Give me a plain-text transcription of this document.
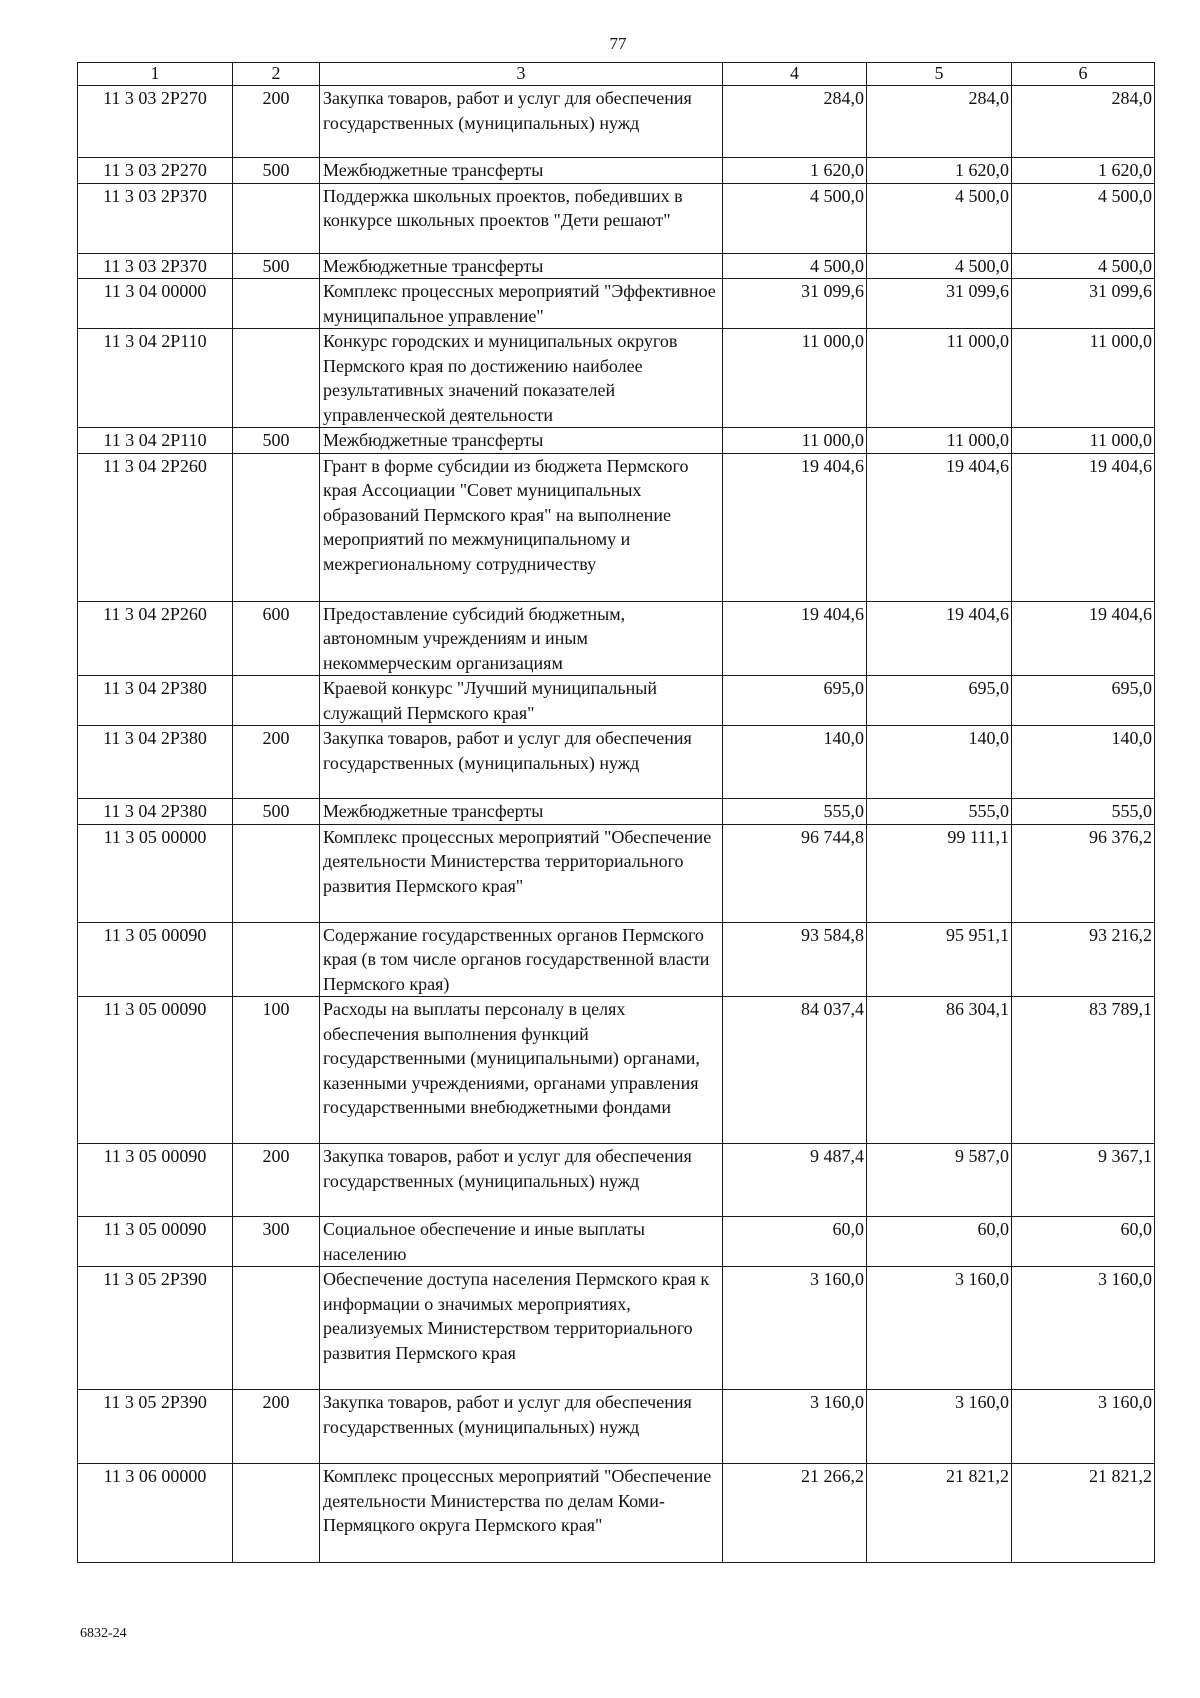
77
1	2	3	4	5	6
11 3 03 2Р270	200	Закупка товаров, работ и услуг для обеспечения государственных (муниципальных) нужд	284,0	284,0	284,0
11 3 03 2Р270	500	Межбюджетные трансферты	1 620,0	1 620,0	1 620,0
11 3 03 2Р370		Поддержка школьных проектов, победивших в конкурсе школьных проектов "Дети решают"	4 500,0	4 500,0	4 500,0
11 3 03 2Р370	500	Межбюджетные трансферты	4 500,0	4 500,0	4 500,0
11 3 04 00000		Комплекс процессных мероприятий "Эффективное муниципальное управление"	31 099,6	31 099,6	31 099,6
11 3 04 2Р110		Конкурс городских и муниципальных округов Пермского края по достижению наиболее результативных значений показателей управленческой деятельности	11 000,0	11 000,0	11 000,0
11 3 04 2Р110	500	Межбюджетные трансферты	11 000,0	11 000,0	11 000,0
11 3 04 2Р260		Грант в форме субсидии из бюджета Пермского края Ассоциации "Совет муниципальных образований Пермского края" на выполнение мероприятий по межмуниципальному и межрегиональному сотрудничеству	19 404,6	19 404,6	19 404,6
11 3 04 2Р260	600	Предоставление субсидий бюджетным, автономным учреждениям и иным некоммерческим организациям	19 404,6	19 404,6	19 404,6
11 3 04 2Р380		Краевой конкурс "Лучший муниципальный служащий Пермского края"	695,0	695,0	695,0
11 3 04 2Р380	200	Закупка товаров, работ и услуг для обеспечения государственных (муниципальных) нужд	140,0	140,0	140,0
11 3 04 2Р380	500	Межбюджетные трансферты	555,0	555,0	555,0
11 3 05 00000		Комплекс процессных мероприятий "Обеспечение деятельности Министерства территориального развития Пермского края"	96 744,8	99 111,1	96 376,2
11 3 05 00090		Содержание государственных органов Пермского края (в том числе органов государственной власти Пермского края)	93 584,8	95 951,1	93 216,2
11 3 05 00090	100	Расходы на выплаты персоналу в целях обеспечения выполнения функций государственными (муниципальными) органами, казенными учреждениями, органами управления государственными внебюджетными фондами	84 037,4	86 304,1	83 789,1
11 3 05 00090	200	Закупка товаров, работ и услуг для обеспечения государственных (муниципальных) нужд	9 487,4	9 587,0	9 367,1
11 3 05 00090	300	Социальное обеспечение и иные выплаты населению	60,0	60,0	60,0
11 3 05 2Р390		Обеспечение доступа населения Пермского края к информации о значимых мероприятиях, реализуемых Министерством территориального развития Пермского края	3 160,0	3 160,0	3 160,0
11 3 05 2Р390	200	Закупка товаров, работ и услуг для обеспечения государственных (муниципальных) нужд	3 160,0	3 160,0	3 160,0
11 3 06 00000		Комплекс процессных мероприятий "Обеспечение деятельности Министерства по делам Коми-Пермяцкого округа Пермского края"	21 266,2	21 821,2	21 821,2
6832-24
